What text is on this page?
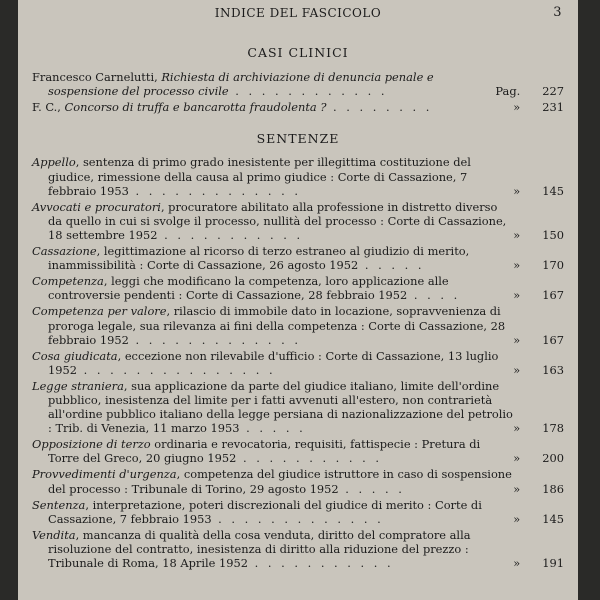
INDICE DEL FASCICOLO	3
CASI CLINICI
Francesco Carnelutti, Richiesta di archiviazione di denuncia penale e sospensione del processo civile . . . . . . . . . . . .	Pag. 227
F. C., Concorso di truffa e bancarotta fraudolenta ? . . . . . . . .	» 231
SENTENZE
Appello, sentenza di primo grado inesistente per illegittima costituzione del giudice, rimessione della causa al primo giudice : Corte di Cassazione, 7 febbraio 1953 . . . . . . . . . . . . .	» 145
Avvocati e procuratori, procuratore abilitato alla professione in distretto diverso da quello in cui si svolge il processo, nullità del processo : Corte di Cassazione, 18 settembre 1952 . . . . . . . . . . .	» 150
Cassazione, legittimazione al ricorso di terzo estraneo al giudizio di merito, inammissibilità : Corte di Cassazione, 26 agosto 1952 . . . . .	» 170
Competenza, leggi che modificano la competenza, loro applicazione alle controversie pendenti : Corte di Cassazione, 28 febbraio 1952 . . . .	» 167
Competenza per valore, rilascio di immobile dato in locazione, sopravvenienza di proroga legale, sua rilevanza ai fini della competenza : Corte di Cassazione, 28 febbraio 1952 . . . . . . . . . . . . .	» 167
Cosa giudicata, eccezione non rilevabile d'ufficio : Corte di Cassazione, 13 luglio 1952 . . . . . . . . . . . . . . .	» 163
Legge straniera, sua applicazione da parte del giudice italiano, limite dell'ordine pubblico, inesistenza del limite per i fatti avvenuti all'estero, non contrarietà all'ordine pubblico italiano della legge persiana di nazionalizzazione del petrolio : Trib. di Venezia, 11 marzo 1953 . . . . .	» 178
Opposizione di terzo ordinaria e revocatoria, requisiti, fattispecie : Pretura di Torre del Greco, 20 giugno 1952 . . . . . . . . . . .	» 200
Provvedimenti d'urgenza, competenza del giudice istruttore in caso di sospensione del processo : Tribunale di Torino, 29 agosto 1952 . . . . .	» 186
Sentenza, interpretazione, poteri discrezionali del giudice di merito : Corte di Cassazione, 7 febbraio 1953 . . . . . . . . . . . . .	» 145
Vendita, mancanza di qualità della cosa venduta, diritto del compratore alla risoluzione del contratto, inesistenza di diritto alla riduzione del prezzo : Tribunale di Roma, 18 Aprile 1952 . . . . . . . . . . .	» 191
